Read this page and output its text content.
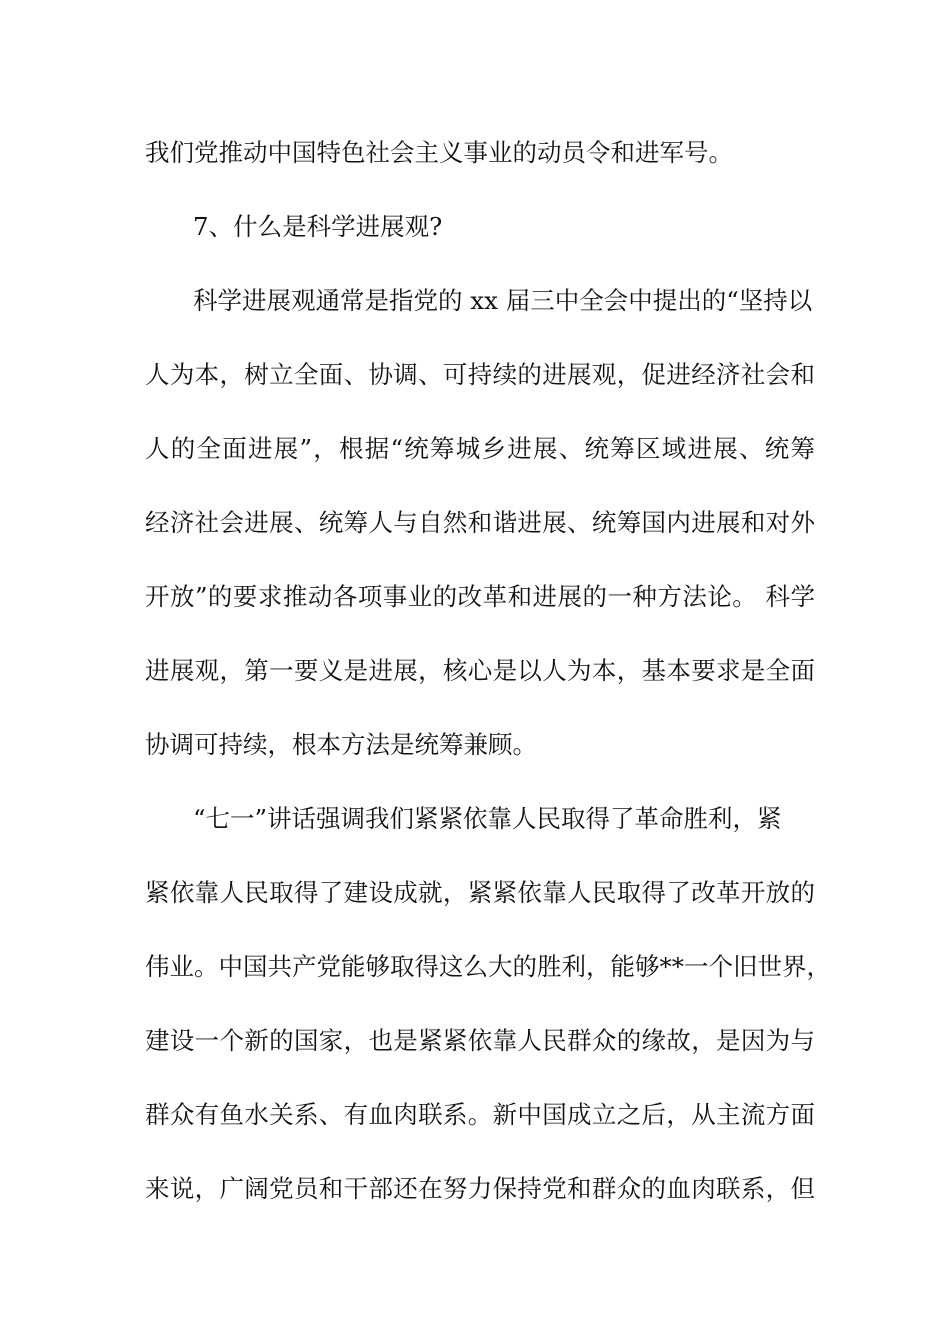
我们党推动中国特色社会主义事业的动员令和进军号。
7、什么是科学进展观?
科学进展观通常是指党的 xx 届三中全会中提出的“坚持以
人为本，树立全面、协调、可持续的进展观，促进经济社会和
人的全面进展”，根据“统筹城乡进展、统筹区域进展、统筹
经济社会进展、统筹人与自然和谐进展、统筹国内进展和对外
开放”的要求推动各项事业的改革和进展的一种方法论。 科学
进展观，第一要义是进展，核心是以人为本，基本要求是全面
协调可持续，根本方法是统筹兼顾。
“七一”讲话强调我们紧紧依靠人民取得了革命胜利，紧
紧依靠人民取得了建设成就，紧紧依靠人民取得了改革开放的
伟业。中国共产党能够取得这么大的胜利，能够**一个旧世界，
建设一个新的国家，也是紧紧依靠人民群众的缘故，是因为与
群众有鱼水关系、有血肉联系。新中国成立之后，从主流方面
来说，广阔党员和干部还在努力保持党和群众的血肉联系，但
